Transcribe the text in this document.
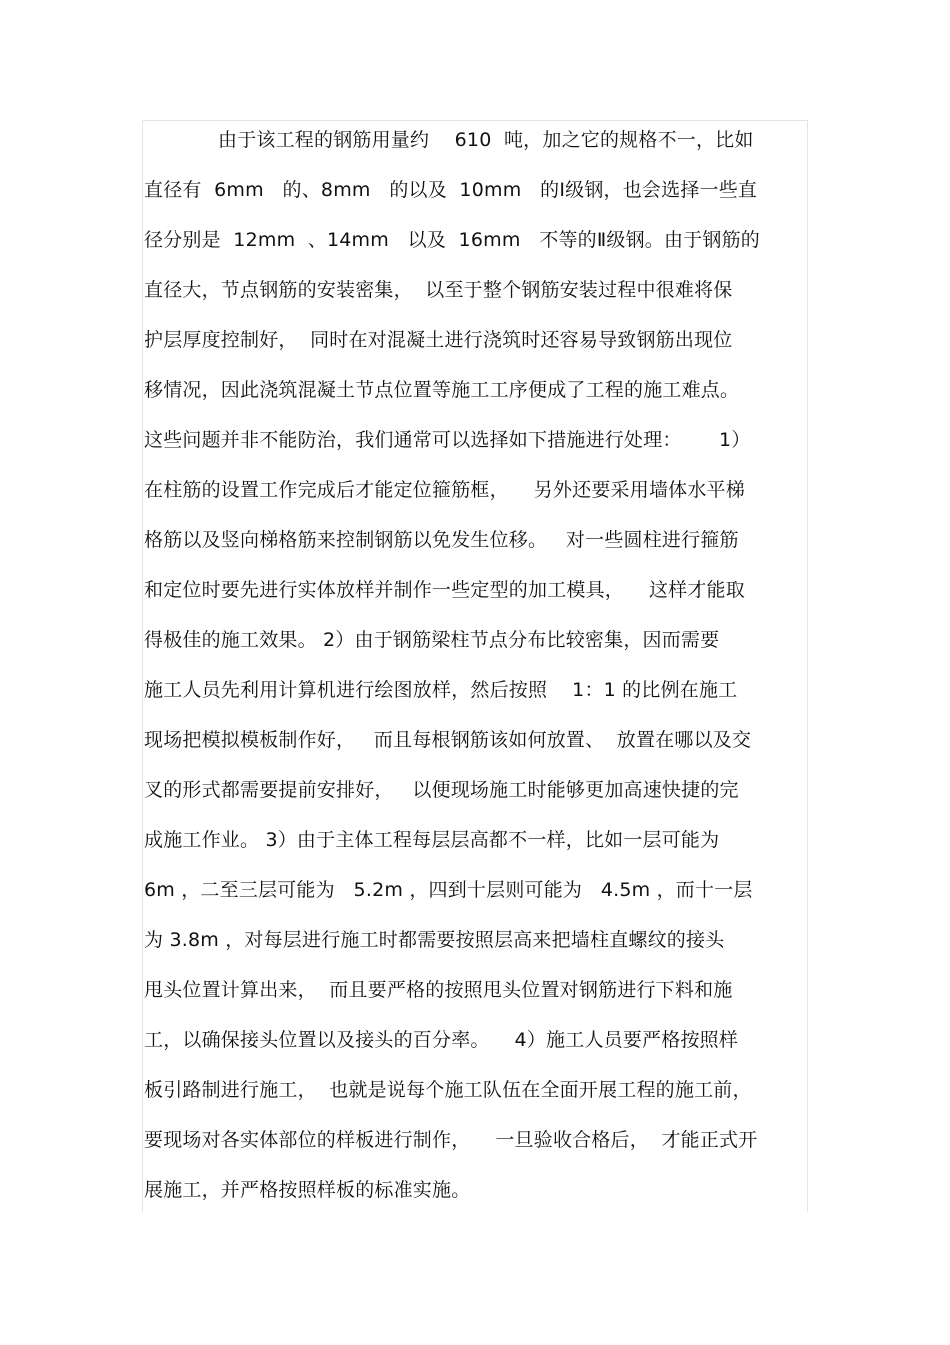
由于该工程的钢筋用量约　 610  吨，加之它的规格不一，比如
直径有  6mm   的、8mm   的以及  10mm   的Ⅰ级钢，也会选择一些直
径分别是  12mm  、14mm   以及  16mm   不等的Ⅱ级钢。由于钢筋的
直径大，节点钢筋的安装密集，  以至于整个钢筋安装过程中很难将保
护层厚度控制好，  同时在对混凝土进行浇筑时还容易导致钢筋出现位
移情况，因此浇筑混凝土节点位置等施工工序便成了工程的施工难点。
这些问题并非不能防治，我们通常可以选择如下措施进行处理：      1）
在柱筋的设置工作完成后才能定位箍筋框，    另外还要采用墙体水平梯
格筋以及竖向梯格筋来控制钢筋以免发生位移。   对一些圆柱进行箍筋
和定位时要先进行实体放样并制作一些定型的加工模具，    这样才能取
得极佳的施工效果。 2）由于钢筋梁柱节点分布比较密集，因而需要
施工人员先利用计算机进行绘图放样，然后按照    1：1 的比例在施工
现场把模拟模板制作好，   而且每根钢筋该如何放置、  放置在哪以及交
叉的形式都需要提前安排好，   以便现场施工时能够更加高速快捷的完
成施工作业。 3）由于主体工程每层层高都不一样，比如一层可能为
6m ，二至三层可能为   5.2m ，四到十层则可能为   4.5m ，而十一层
为 3.8m ，对每层进行施工时都需要按照层高来把墙柱直螺纹的接头
甩头位置计算出来，  而且要严格的按照甩头位置对钢筋进行下料和施
工，以确保接头位置以及接头的百分率。    4）施工人员要严格按照样
板引路制进行施工，  也就是说每个施工队伍在全面开展工程的施工前，
要现场对各实体部位的样板进行制作，    一旦验收合格后，  才能正式开
展施工，并严格按照样板的标准实施。
